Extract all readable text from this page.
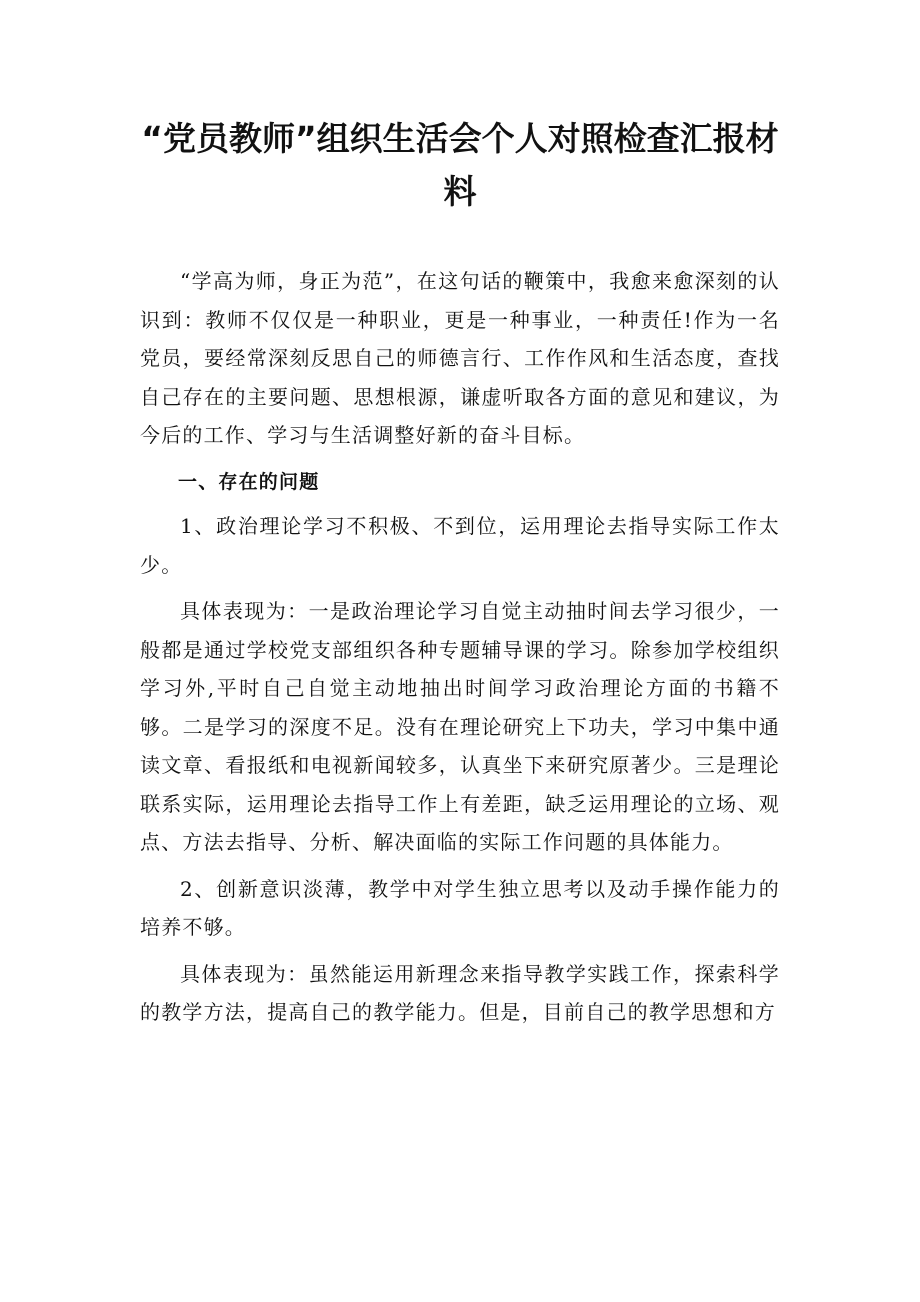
“党员教师”组织生活会个人对照检查汇报材料

“学高为师，身正为范”，在这句话的鞭策中，我愈来愈深刻的认识到：教师不仅仅是一种职业，更是一种事业，一种责任!作为一名党员，要经常深刻反思自己的师德言行、工作作风和生活态度，查找自己存在的主要问题、思想根源，谦虚听取各方面的意见和建议，为今后的工作、学习与生活调整好新的奋斗目标。

一、存在的问题

1、政治理论学习不积极、不到位，运用理论去指导实际工作太少。

具体表现为：一是政治理论学习自觉主动抽时间去学习很少，一般都是通过学校党支部组织各种专题辅导课的学习。除参加学校组织学习外,平时自己自觉主动地抽出时间学习政治理论方面的书籍不够。二是学习的深度不足。没有在理论研究上下功夫，学习中集中通读文章、看报纸和电视新闻较多，认真坐下来研究原著少。三是理论联系实际，运用理论去指导工作上有差距，缺乏运用理论的立场、观点、方法去指导、分析、解决面临的实际工作问题的具体能力。

2、创新意识淡薄，教学中对学生独立思考以及动手操作能力的培养不够。

具体表现为：虽然能运用新理念来指导教学实践工作，探索科学的教学方法，提高自己的教学能力。但是，目前自己的教学思想和方
